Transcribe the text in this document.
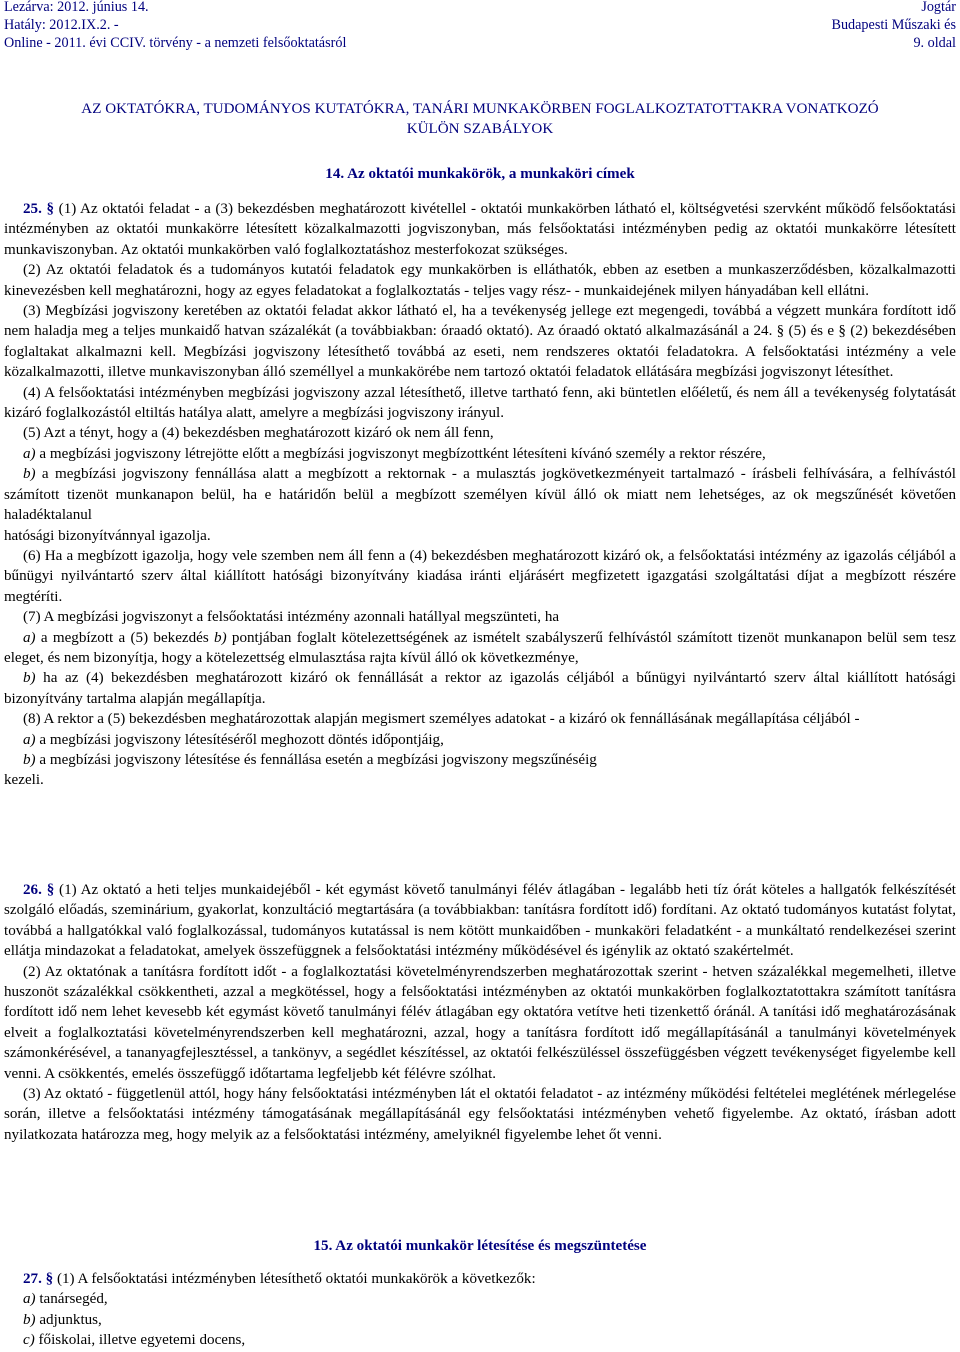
Lezárva: 2012. június 14.
Hatály: 2012.IX.2. -
Online - 2011. évi CCIV. törvény - a nemzeti felsőoktatásról
Jogtár
Budapesti Műszaki és
9. oldal
AZ OKTATÓKRA, TUDOMÁNYOS KUTATÓKRA, TANÁRI MUNKAKÖRBEN FOGLALKOZTATOTTAKRA VONATKOZÓ
KÜLÖN SZABÁLYOK
14. Az oktatói munkakörök, a munkaköri címek

25. § (1) Az oktatói feladat - a (3) bekezdésben meghatározott kivétellel - oktatói munkakörben látható el, költségvetési szervként működő felsőoktatási intézményben az oktatói munkakörre létesített közalkalmazotti jogviszonyban, más felsőoktatási intézményben pedig az oktatói munkakörre létesített munkaviszonyban. Az oktatói munkakörben való foglalkoztatáshoz mesterfokozat szükséges.

(2) Az oktatói feladatok és a tudományos kutatói feladatok egy munkakörben is elláthatók, ebben az esetben a munkaszerződésben, közalkalmazotti kinevezésben kell meghatározni, hogy az egyes feladatokat a foglalkoztatás - teljes vagy rész- - munkaidejének milyen hányadában kell ellátni.

(3) Megbízási jogviszony keretében az oktatói feladat akkor látható el, ha a tevékenység jellege ezt megengedi, továbbá a végzett munkára fordított idő nem haladja meg a teljes munkaidő hatvan százalékát (a továbbiakban: óraadó oktató). Az óraadó oktató alkalmazásánál a 24. § (5) és e § (2) bekezdésében foglaltakat alkalmazni kell. Megbízási jogviszony létesíthető továbbá az eseti, nem rendszeres oktatói feladatokra. A felsőoktatási intézmény a vele közalkalmazotti, illetve munkaviszonyban álló személlyel a munkakörébe nem tartozó oktatói feladatok ellátására megbízási jogviszonyt létesíthet.

(4) A felsőoktatási intézményben megbízási jogviszony azzal létesíthető, illetve tartható fenn, aki büntetlen előéletű, és nem áll a tevékenység folytatását kizáró foglalkozástól eltiltás hatálya alatt, amelyre a megbízási jogviszony irányul.

(5) Azt a tényt, hogy a (4) bekezdésben meghatározott kizáró ok nem áll fenn,

a) a megbízási jogviszony létrejötte előtt a megbízási jogviszonyt megbízottként létesíteni kívánó személy a rektor részére,

b) a megbízási jogviszony fennállása alatt a megbízott a rektornak - a mulasztás jogkövetkezményeit tartalmazó - írásbeli felhívására, a felhívástól számított tizenöt munkanapon belül, ha e határidőn belül a megbízott személyen kívül álló ok miatt nem lehetséges, az ok megszűnését követően haladéktalanul

hatósági bizonyítvánnyal igazolja.

(6) Ha a megbízott igazolja, hogy vele szemben nem áll fenn a (4) bekezdésben meghatározott kizáró ok, a felsőoktatási intézmény az igazolás céljából a bűnügyi nyilvántartó szerv által kiállított hatósági bizonyítvány kiadása iránti eljárásért megfizetett igazgatási szolgáltatási díjat a megbízott részére megtéríti.

(7) A megbízási jogviszonyt a felsőoktatási intézmény azonnali hatállyal megszünteti, ha

a) a megbízott a (5) bekezdés b) pontjában foglalt kötelezettségének az ismételt szabályszerű felhívástól számított tizenöt munkanapon belül sem tesz eleget, és nem bizonyítja, hogy a kötelezettség elmulasztása rajta kívül álló ok következménye,

b) ha az (4) bekezdésben meghatározott kizáró ok fennállását a rektor az igazolás céljából a bűnügyi nyilvántartó szerv által kiállított hatósági bizonyítvány tartalma alapján megállapítja.

(8) A rektor a (5) bekezdésben meghatározottak alapján megismert személyes adatokat - a kizáró ok fennállásának megállapítása céljából -

a) a megbízási jogviszony létesítéséről meghozott döntés időpontjáig,

b) a megbízási jogviszony létesítése és fennállása esetén a megbízási jogviszony megszűnéséig

kezeli.

26. § (1) Az oktató a heti teljes munkaidejéből - két egymást követő tanulmányi félév átlagában - legalább heti tíz órát köteles a hallgatók felkészítését szolgáló előadás, szeminárium, gyakorlat, konzultáció megtartására (a továbbiakban: tanításra fordított idő) fordítani. Az oktató tudományos kutatást folytat, továbbá a hallgatókkal való foglalkozással, tudományos kutatással is nem kötött munkaidőben - munkaköri feladatként - a munkáltató rendelkezései szerint ellátja mindazokat a feladatokat, amelyek összefüggnek a felsőoktatási intézmény működésével és igénylik az oktató szakértelmét.

(2) Az oktatónak a tanításra fordított időt - a foglalkoztatási követelményrendszerben meghatározottak szerint - hetven százalékkal megemelheti, illetve huszonöt százalékkal csökkentheti, azzal a megkötéssel, hogy a felsőoktatási intézményben az oktatói munkakörben foglalkoztatottakra számított tanításra fordított idő nem lehet kevesebb két egymást követő tanulmányi félév átlagában egy oktatóra vetítve heti tizenkettő óránál. A tanítási idő meghatározásának elveit a foglalkoztatási követelményrendszerben kell meghatározni, azzal, hogy a tanításra fordított idő megállapításánál a tanulmányi követelmények számonkérésével, a tananyagfejlesztéssel, a tankönyv, a segédlet készítéssel, az oktatói felkészüléssel összefüggésben végzett tevékenységet figyelembe kell venni. A csökkentés, emelés összefüggő időtartama legfeljebb két félévre szólhat.

(3) Az oktató - függetlenül attól, hogy hány felsőoktatási intézményben lát el oktatói feladatot - az intézmény működési feltételei meglétének mérlegelése során, illetve a felsőoktatási intézmény támogatásának megállapításánál egy felsőoktatási intézményben vehető figyelembe. Az oktató, írásban adott nyilatkozata határozza meg, hogy melyik az a felsőoktatási intézmény, amelyiknél figyelembe lehet őt venni.

15. Az oktatói munkakör létesítése és megszüntetése

27. § (1) A felsőoktatási intézményben létesíthető oktatói munkakörök a következők:

a) tanársegéd,

b) adjunktus,

c) főiskolai, illetve egyetemi docens,
